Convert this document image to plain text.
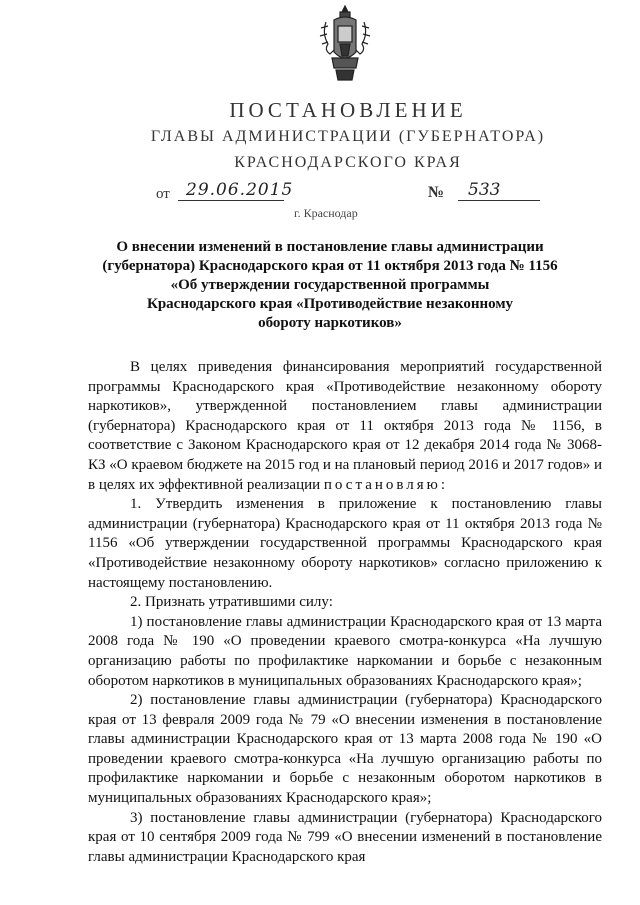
ПОСТАНОВЛЕНИЕ
ГЛАВЫ АДМИНИСТРАЦИИ (ГУБЕРНАТОРА)
КРАСНОДАРСКОГО КРАЯ
от 29.06.2015	№ 533
г. Краснодар
О внесении изменений в постановление главы администрации
(губернатора) Краснодарского края от 11 октября 2013 года № 1156
«Об утверждении государственной программы
Краснодарского края «Противодействие незаконному
обороту наркотиков»

В целях приведения финансирования мероприятий государственной программы Краснодарского края «Противодействие незаконному обороту наркотиков», утвержденной постановлением главы администрации (губернатора) Краснодарского края от 11 октября 2013 года № 1156, в соответствие с Законом Краснодарского края от 12 декабря 2014 года № 3068-КЗ «О краевом бюджете на 2015 год и на плановый период 2016 и 2017 годов» и в целях их эффективной реализации постановляю:

1. Утвердить изменения в приложение к постановлению главы администрации (губернатора) Краснодарского края от 11 октября 2013 года № 1156 «Об утверждении государственной программы Краснодарского края «Противодействие незаконному обороту наркотиков» согласно приложению к настоящему постановлению.

2. Признать утратившими силу:

1) постановление главы администрации Краснодарского края от 13 марта 2008 года № 190 «О проведении краевого смотра-конкурса «На лучшую организацию работы по профилактике наркомании и борьбе с незаконным оборотом наркотиков в муниципальных образованиях Краснодарского края»;

2) постановление главы администрации (губернатора) Краснодарского края от 13 февраля 2009 года № 79 «О внесении изменения в постановление главы администрации Краснодарского края от 13 марта 2008 года № 190 «О проведении краевого смотра-конкурса «На лучшую организацию работы по профилактике наркомании и борьбе с незаконным оборотом наркотиков в муниципальных образованиях Краснодарского края»;

3) постановление главы администрации (губернатора) Краснодарского края от 10 сентября 2009 года № 799 «О внесении изменений в постановление главы администрации Краснодарского края
